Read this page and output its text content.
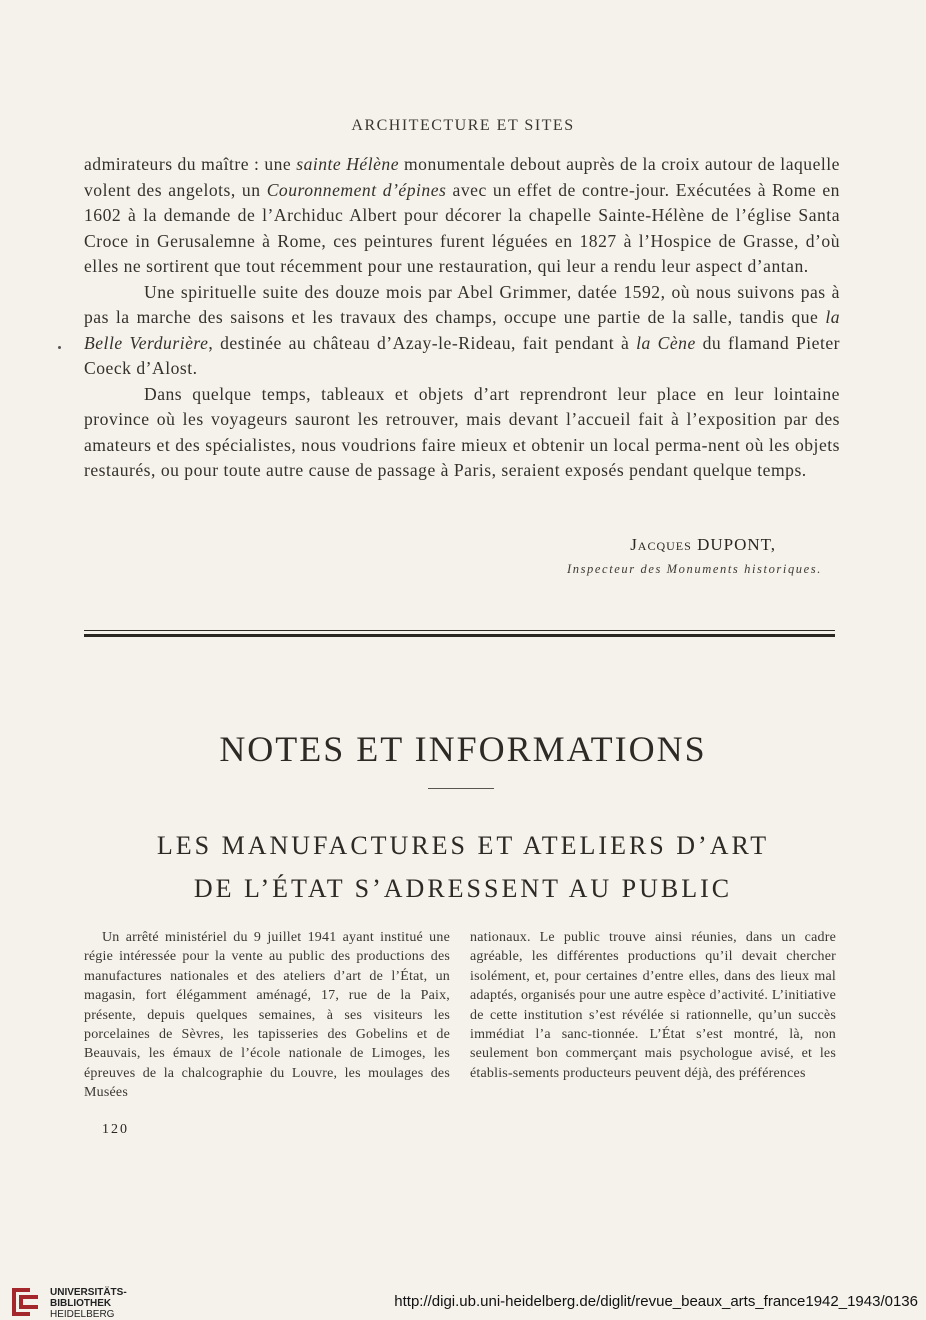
ARCHITECTURE ET SITES

admirateurs du maître : une sainte Hélène monumentale debout auprès de la croix autour de laquelle volent des angelots, un Couronnement d’épines avec un effet de contre-jour. Exécutées à Rome en 1602 à la demande de l’Archiduc Albert pour décorer la chapelle Sainte-Hélène de l’église Santa Croce in Gerusalemne à Rome, ces peintures furent léguées en 1827 à l’Hospice de Grasse, d’où elles ne sortirent que tout récemment pour une restauration, qui leur a rendu leur aspect d’antan.

Une spirituelle suite des douze mois par Abel Grimmer, datée 1592, où nous suivons pas à pas la marche des saisons et les travaux des champs, occupe une partie de la salle, tandis que la Belle Verdurière, destinée au château d’Azay-le-Rideau, fait pendant à la Cène du flamand Pieter Coeck d’Alost.

Dans quelque temps, tableaux et objets d’art reprendront leur place en leur lointaine province où les voyageurs sauront les retrouver, mais devant l’accueil fait à l’exposition par des amateurs et des spécialistes, nous voudrions faire mieux et obtenir un local perma-nent où les objets restaurés, ou pour toute autre cause de passage à Paris, seraient exposés pendant quelque temps.

Jacques DUPONT,
Inspecteur des Monuments historiques.
NOTES ET INFORMATIONS
LES MANUFACTURES ET ATELIERS D’ART
DE L’ÉTAT S’ADRESSENT AU PUBLIC
Un arrêté ministériel du 9 juillet 1941 ayant institué une régie intéressée pour la vente au public des productions des manufactures nationales et des ateliers d’art de l’État, un magasin, fort élégamment aménagé, 17, rue de la Paix, présente, depuis quelques semaines, à ses visiteurs les porcelaines de Sèvres, les tapisseries des Gobelins et de Beauvais, les émaux de l’école nationale de Limoges, les épreuves de la chalcographie du Louvre, les moulages des Musées
nationaux. Le public trouve ainsi réunies, dans un cadre agréable, les différentes productions qu’il devait chercher isolément, et, pour certaines d’entre elles, dans des lieux mal adaptés, organisés pour une autre espèce d’activité. L’initiative de cette institution s’est révélée si rationnelle, qu’un succès immédiat l’a sanc-tionnée. L’État s’est montré, là, non seulement bon commerçant mais psychologue avisé, et les établis-sements producteurs peuvent déjà, des préférences
120
UNIVERSITÄTS-
BIBLIOTHEK
HEIDELBERG
http://digi.ub.uni-heidelberg.de/diglit/revue_beaux_arts_france1942_1943/0136
